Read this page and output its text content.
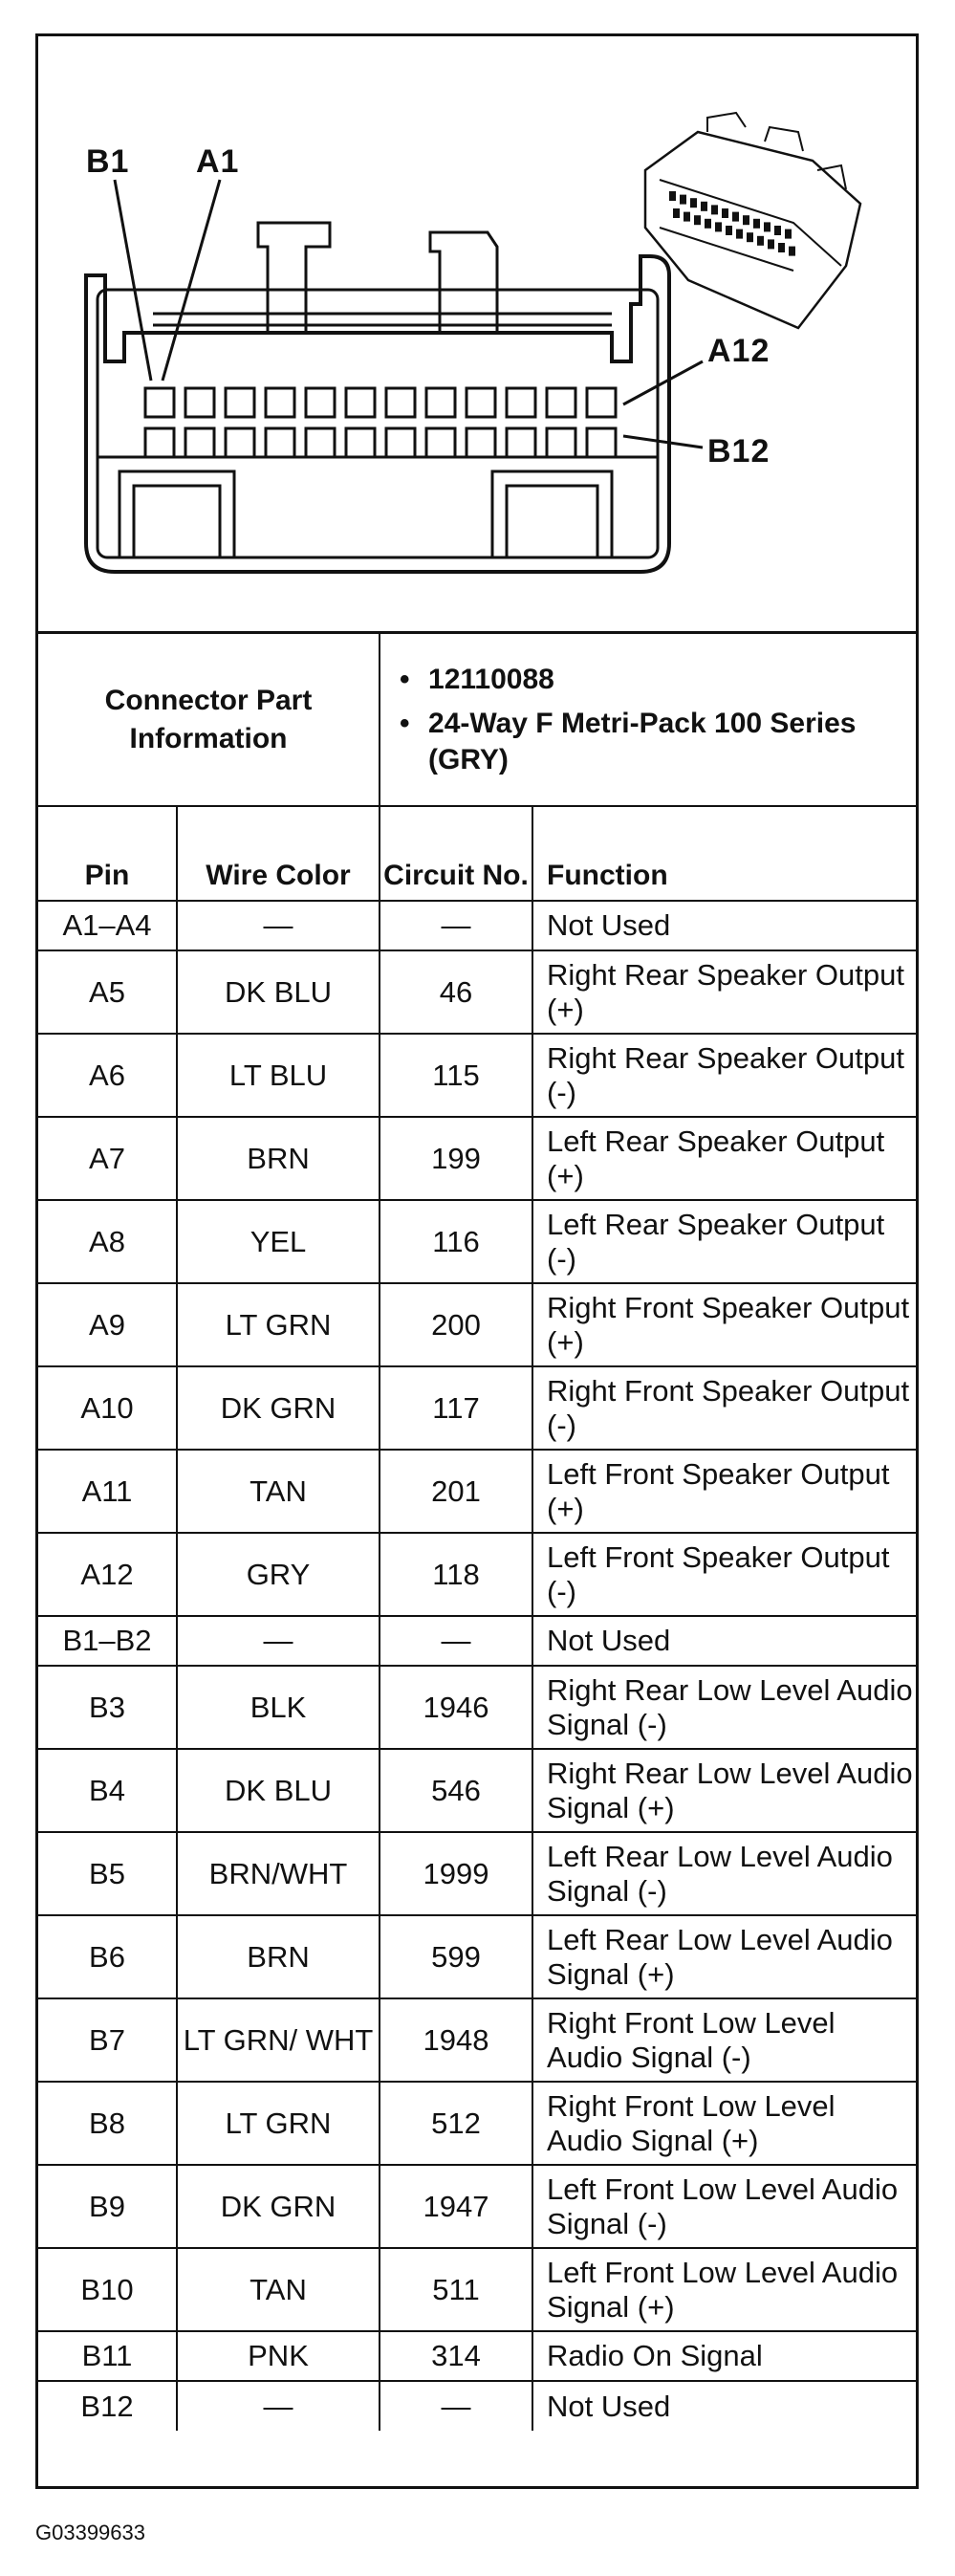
B1 A1
A12
B12
Connector Part Information		• 12110088
• 24-Way F Metri-Pack 100 Series (GRY)	

Pin	Wire Color	Circuit No.	Function
A1–A4	—	—	Not Used
A5	DK BLU	46	Right Rear Speaker Output (+)
A6	LT BLU	115	Right Rear Speaker Output (-)
A7	BRN	199	Left Rear Speaker Output (+)
A8	YEL	116	Left Rear Speaker Output (-)
A9	LT GRN	200	Right Front Speaker Output (+)
A10	DK GRN	117	Right Front Speaker Output (-)
A11	TAN	201	Left Front Speaker Output (+)
A12	GRY	118	Left Front Speaker Output (-)
B1–B2	—	—	Not Used
B3	BLK	1946	Right Rear Low Level Audio Signal (-)
B4	DK BLU	546	Right Rear Low Level Audio Signal (+)
B5	BRN/WHT	1999	Left Rear Low Level Audio Signal (-)
B6	BRN	599	Left Rear Low Level Audio Signal (+)
B7	LT GRN/ WHT	1948	Right Front Low Level Audio Signal (-)
B8	LT GRN	512	Right Front Low Level Audio Signal (+)
B9	DK GRN	1947	Left Front Low Level Audio Signal (-)
B10	TAN	511	Left Front Low Level Audio Signal (+)
B11	PNK	314	Radio On Signal
B12	—	—	Not Used
G03399633
